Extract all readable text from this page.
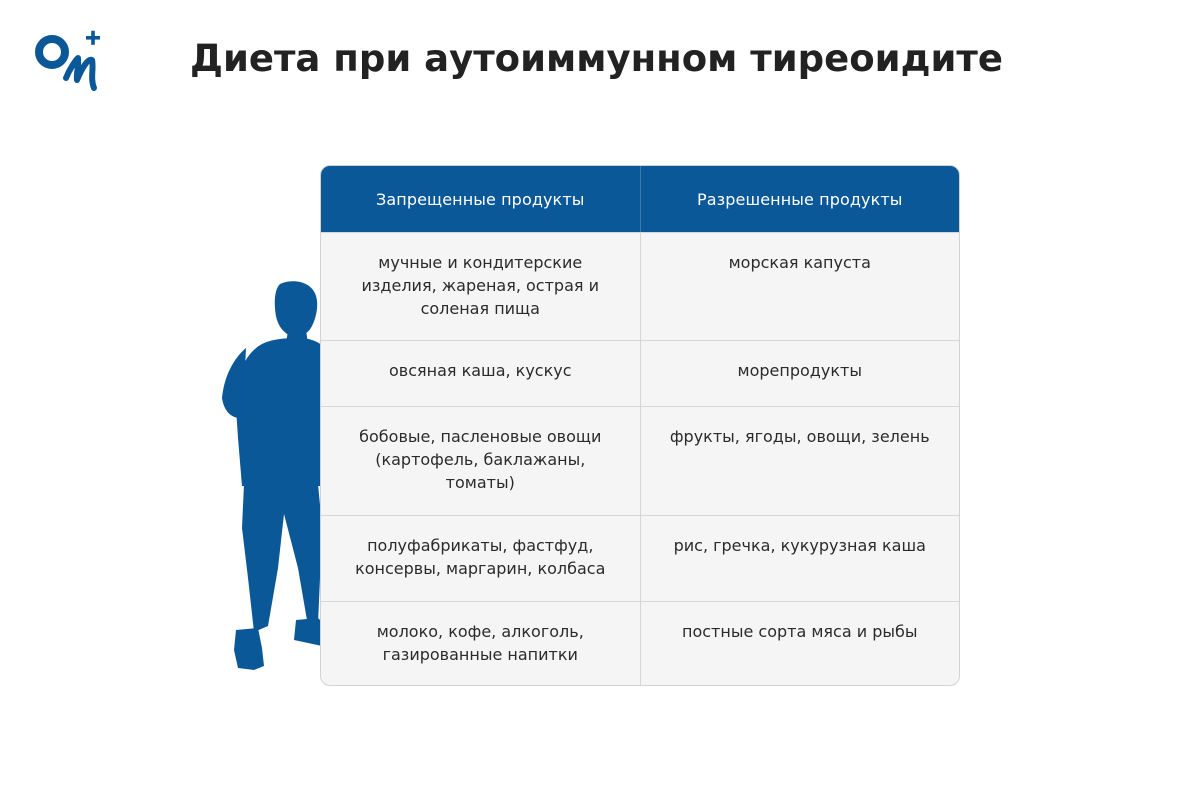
Диета при аутоиммунном тиреоидите
Запрещенные продукты	Разрешенные продукты
мучные и кондитерские изделия, жареная, острая и соленая пища
морская капуста
овсяная каша, кускус	морепродукты
бобовые, пасленовые овощи (картофель, баклажаны, томаты)
фрукты, ягоды, овощи, зелень
полуфабрикаты, фастфуд, консервы, маргарин, колбаса
рис, гречка, кукурузная каша
молоко, кофе, алкоголь, газированные напитки
постные сорта мяса и рыбы
